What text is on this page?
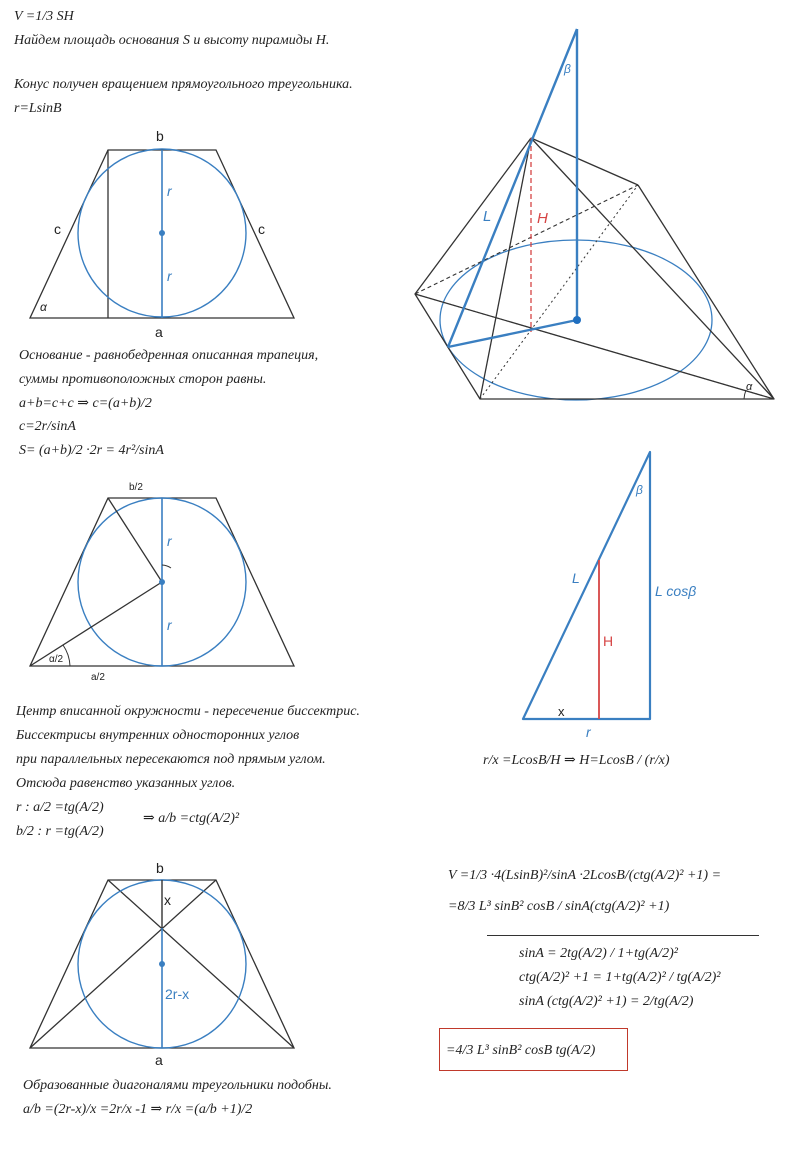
b
a
c	c
r
r
α
b/2
a/2
α/2
r
r
b
a
x
2r-x
β
L	H
α
β
L
L cosβ
H
x
r
V =1/3 SH
Найдем площадь основания S и высоту пирамиды H.
Конус получен вращением прямоугольного треугольника.
r=LsinB
Основание - равнобедренная описанная трапеция,
суммы противоположных сторон равны.
a+b=c+c ⇒ c=(a+b)/2
c=2r/sinA
S= (a+b)/2 ·2r = 4r²/sinA
Центр вписанной окружности - пересечение биссектрис.
Биссектрисы внутренних односторонних углов
при параллельных пересекаются под прямым углом.
Отсюда равенство указанных углов.
r : a/2 =tg(A/2)
b/2 : r =tg(A/2)
⇒ a/b =ctg(A/2)²
r/x =LcosB/H ⇒ H=LcosB / (r/x)
V =1/3 ·4(LsinB)²/sinA ·2LcosB/(ctg(A/2)² +1) =
=8/3 L³ sinB² cosB / sinA(ctg(A/2)² +1)
sinA = 2tg(A/2) / 1+tg(A/2)²
ctg(A/2)² +1 = 1+tg(A/2)² / tg(A/2)²
sinA (ctg(A/2)² +1) = 2/tg(A/2)
=4/3 L³ sinB² cosB tg(A/2)
Образованные диагоналями треугольники подобны.
a/b =(2r-x)/x =2r/x -1 ⇒ r/x =(a/b +1)/2
